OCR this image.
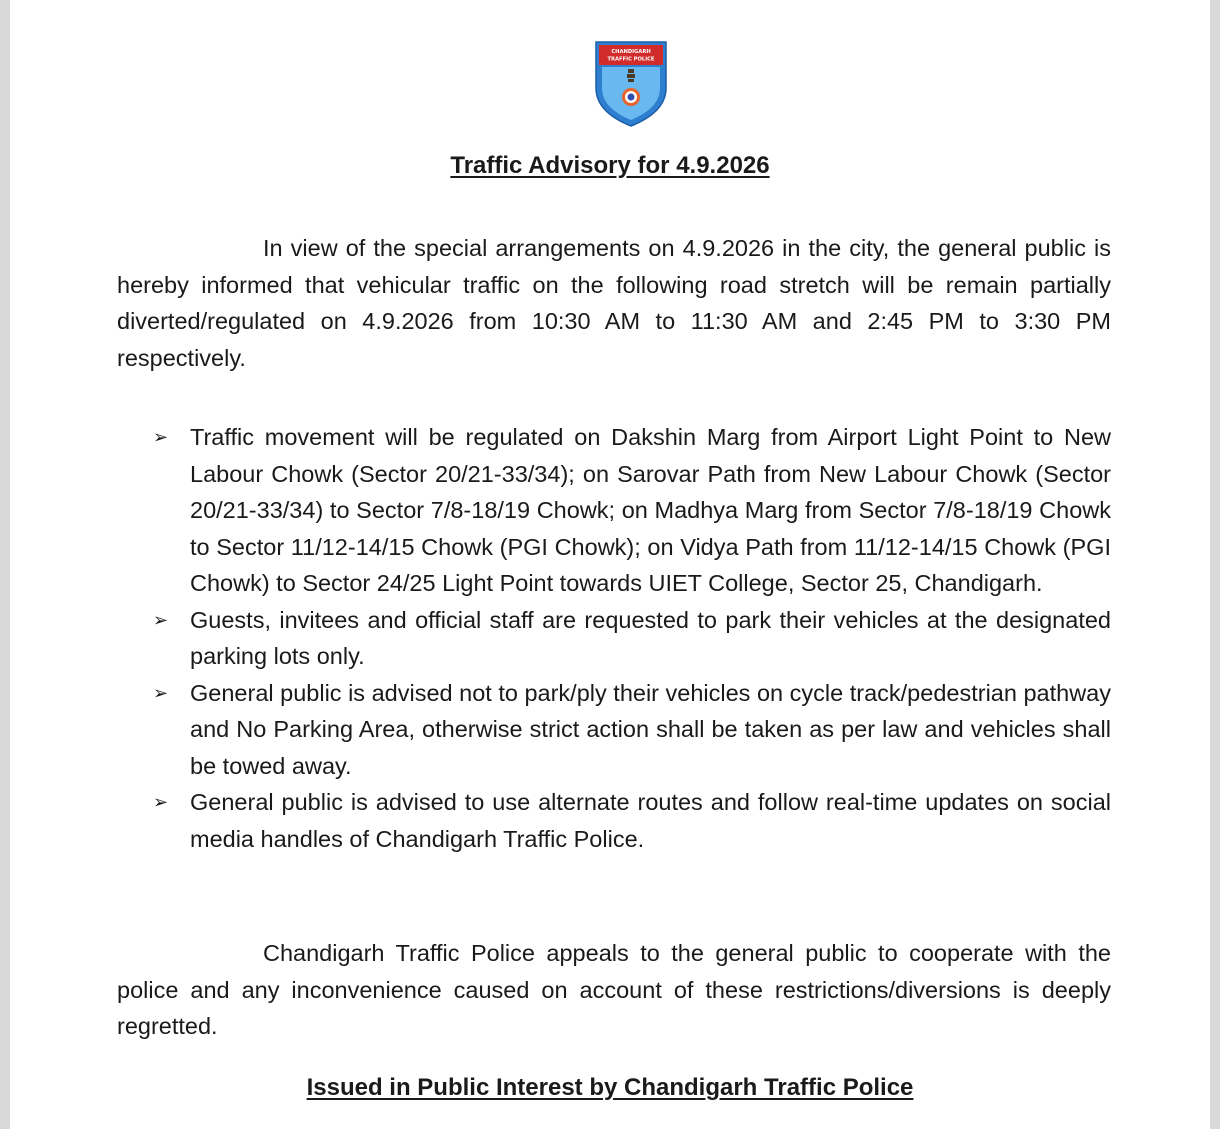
CHANDIGARH
TRAFFIC POLICE
Traffic Advisory for 4.9.2026

In view of the special arrangements on 4.9.2026 in the city, the general public is hereby informed that vehicular traffic on the following road stretch will be remain partially diverted/regulated on 4.9.2026 from 10:30 AM to 11:30 AM and 2:45 PM to 3:30 PM respectively.

➢ Traffic movement will be regulated on Dakshin Marg from Airport Light Point to New Labour Chowk (Sector 20/21-33/34); on Sarovar Path from New Labour Chowk (Sector 20/21-33/34) to Sector 7/8-18/19 Chowk; on Madhya Marg from Sector 7/8-18/19 Chowk to Sector 11/12-14/15 Chowk (PGI Chowk); on Vidya Path from 11/12-14/15 Chowk (PGI Chowk) to Sector 24/25 Light Point towards UIET College, Sector 25, Chandigarh.
➢ Guests, invitees and official staff are requested to park their vehicles at the designated parking lots only.
➢ General public is advised not to park/ply their vehicles on cycle track/pedestrian pathway and No Parking Area, otherwise strict action shall be taken as per law and vehicles shall be towed away.
➢ General public is advised to use alternate routes and follow real-time updates on social media handles of Chandigarh Traffic Police.

Chandigarh Traffic Police appeals to the general public to cooperate with the police and any inconvenience caused on account of these restrictions/diversions is deeply regretted.

Issued in Public Interest by Chandigarh Traffic Police
